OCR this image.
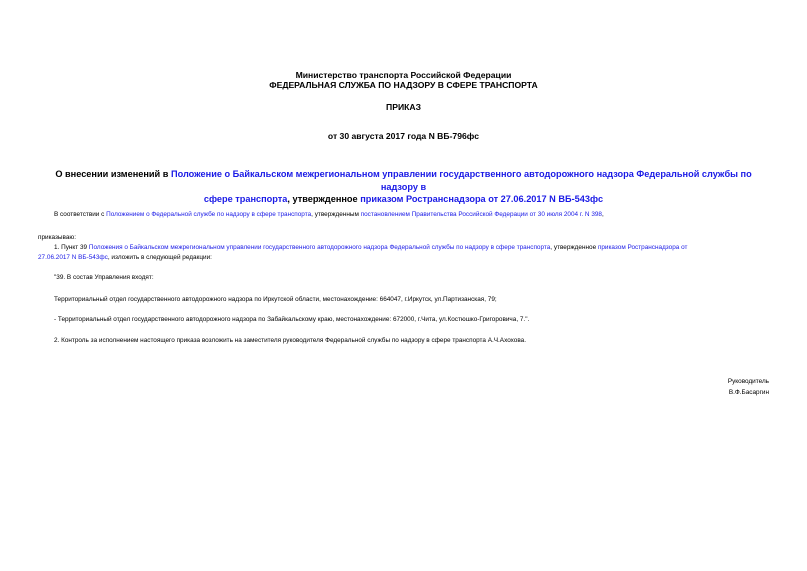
Министерство транспорта Российской Федерации
ФЕДЕРАЛЬНАЯ СЛУЖБА ПО НАДЗОРУ В СФЕРЕ ТРАНСПОРТА
ПРИКАЗ
от 30 августа 2017 года N ВБ-796фс
О внесении изменений в Положение о Байкальском межрегиональном управлении государственного автодорожного надзора Федеральной службы по надзору в
сфере транспорта, утвержденное приказом Ространснадзора от 27.06.2017 N ВБ-543фс
В соответствии с Положением о Федеральной службе по надзору в сфере транспорта, утвержденным постановлением Правительства Российской Федерации от 30 июля 2004 г. N 398,
приказываю:
1. Пункт 39 Положения о Байкальском межрегиональном управлении государственного автодорожного надзора Федеральной службы по надзору в сфере транспорта, утвержденное приказом Ространснадзора от
27.06.2017 N ВБ-543фс, изложить в следующей редакции:
"39. В состав Управления входят:
Территориальный отдел государственного автодорожного надзора по Иркутской области, местонахождение: 664047, г.Иркутск, ул.Партизанская, 79;
- Территориальный отдел государственного автодорожного надзора по Забайкальскому краю, местонахождение: 672000, г.Чита, ул.Костюшко-Григоровича, 7.".
2. Контроль за исполнением настоящего приказа возложить на заместителя руководителя Федеральной службы по надзору в сфере транспорта А.Ч.Ахохова.
Руководитель
В.Ф.Басаргин
